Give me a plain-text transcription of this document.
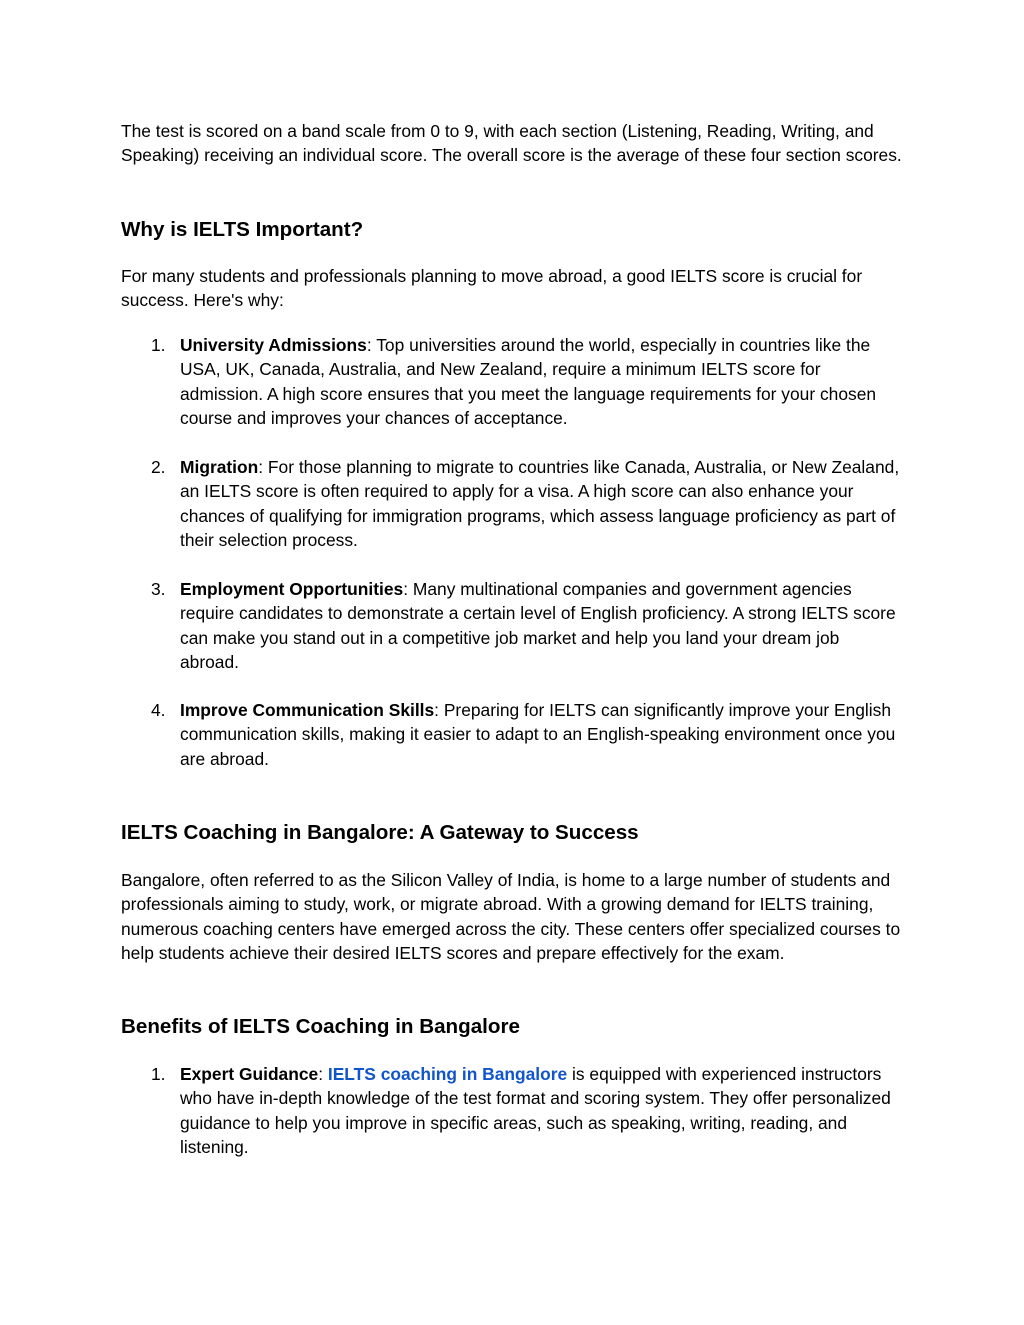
The test is scored on a band scale from 0 to 9, with each section (Listening, Reading, Writing, and Speaking) receiving an individual score. The overall score is the average of these four section scores.

Why is IELTS Important?

For many students and professionals planning to move abroad, a good IELTS score is crucial for success. Here's why:

1. University Admissions: Top universities around the world, especially in countries like the USA, UK, Canada, Australia, and New Zealand, require a minimum IELTS score for admission. A high score ensures that you meet the language requirements for your chosen course and improves your chances of acceptance.
2. Migration: For those planning to migrate to countries like Canada, Australia, or New Zealand, an IELTS score is often required to apply for a visa. A high score can also enhance your chances of qualifying for immigration programs, which assess language proficiency as part of their selection process.
3. Employment Opportunities: Many multinational companies and government agencies require candidates to demonstrate a certain level of English proficiency. A strong IELTS score can make you stand out in a competitive job market and help you land your dream job abroad.
4. Improve Communication Skills: Preparing for IELTS can significantly improve your English communication skills, making it easier to adapt to an English-speaking environment once you are abroad.
IELTS Coaching in Bangalore: A Gateway to Success

Bangalore, often referred to as the Silicon Valley of India, is home to a large number of students and professionals aiming to study, work, or migrate abroad. With a growing demand for IELTS training, numerous coaching centers have emerged across the city. These centers offer specialized courses to help students achieve their desired IELTS scores and prepare effectively for the exam.

Benefits of IELTS Coaching in Bangalore
1. Expert Guidance: IELTS coaching in Bangalore is equipped with experienced instructors who have in-depth knowledge of the test format and scoring system. They offer personalized guidance to help you improve in specific areas, such as speaking, writing, reading, and listening.
